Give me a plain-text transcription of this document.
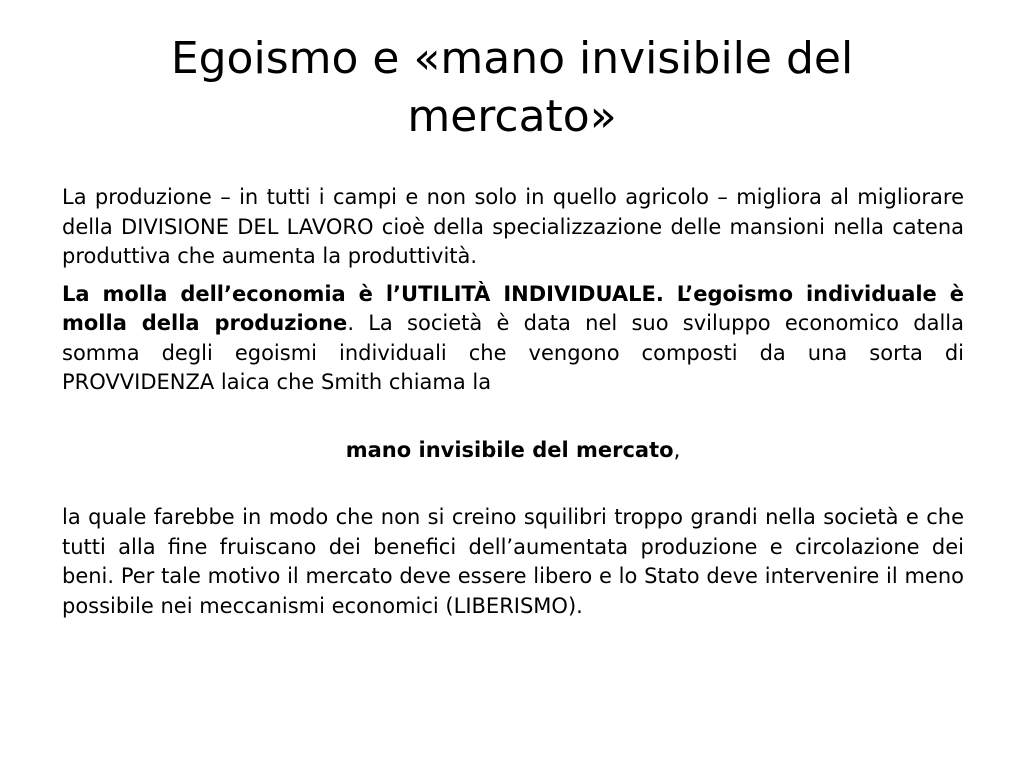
Egoismo e «mano invisibile del mercato»

La produzione – in tutti i campi e non solo in quello agricolo – migliora al migliorare della DIVISIONE DEL LAVORO cioè della specializzazione delle mansioni nella catena produttiva che aumenta la produttività.

La molla dell’economia è l’UTILITÀ INDIVIDUALE. L’egoismo individuale è molla della produzione. La società è data nel suo sviluppo economico dalla somma degli egoismi individuali che vengono composti da una sorta di PROVVIDENZA laica che Smith chiama la

mano invisibile del mercato,

la quale farebbe in modo che non si creino squilibri troppo grandi nella società e che tutti alla fine fruiscano dei benefici dell’aumentata produzione e circolazione dei beni. Per tale motivo il mercato deve essere libero e lo Stato deve intervenire il meno possibile nei meccanismi economici (LIBERISMO).
